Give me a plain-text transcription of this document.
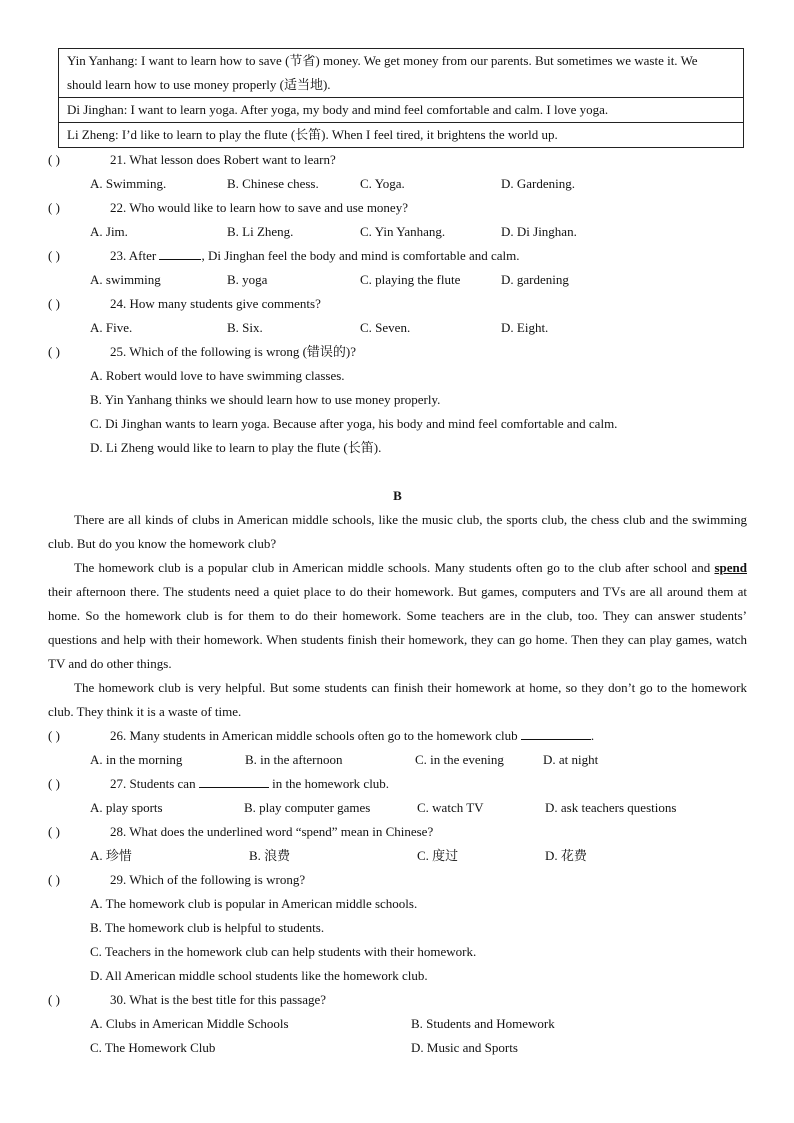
Yin Yanhang: I want to learn how to save (节省) money. We get money from our parents. But sometimes we waste it. We should learn how to use money properly (适当地).
Di Jinghan: I want to learn yoga. After yoga, my body and mind feel comfortable and calm. I love yoga.
Li Zheng: I’d like to learn to play the flute (长笛). When I feel tired, it brightens the world up.
( )	21. What lesson does Robert want to learn?
A. Swimming.	B. Chinese chess.	C. Yoga.	D. Gardening.
( )	22. Who would like to learn how to save and use money?
A. Jim.	B. Li Zheng.	C. Yin Yanhang.	D. Di Jinghan.
( )	23. After	, Di Jinghan feel the body and mind is comfortable and calm.
A. swimming	B. yoga	C. playing the flute	D. gardening
( )	24. How many students give comments?
A. Five.	B. Six.	C. Seven.	D. Eight.
( )	25. Which of the following is wrong (错误的)?
A. Robert would love to have swimming classes.
B. Yin Yanhang thinks we should learn how to use money properly.
C. Di Jinghan wants to learn yoga. Because after yoga, his body and mind feel comfortable and calm.
D. Li Zheng would like to learn to play the flute (长笛).
B

There are all kinds of clubs in American middle schools, like the music club, the sports club, the chess club and the swimming club. But do you know the homework club?

The homework club is a popular club in American middle schools. Many students often go to the club after school and spend their afternoon there. The students need a quiet place to do their homework. But games, computers and TVs are all around them at home. So the homework club is for them to do their homework. Some teachers are in the club, too. They can answer students’ questions and help with their homework. When students finish their homework, they can go home. Then they can play games, watch TV and do other things.

The homework club is very helpful. But some students can finish their homework at home, so they don’t go to the homework club. They think it is a waste of time.

( )	26. Many students in American middle schools often go to the homework club	.
A. in the morning	B. in the afternoon	C. in the evening	D. at night
( )	27. Students can	in the homework club.
A. play sports	B. play computer games	C. watch TV	D. ask teachers questions
( )	28. What does the underlined word “spend” mean in Chinese?
A. 珍惜	B. 浪费	C. 度过	D. 花费
( )	29. Which of the following is wrong?
A. The homework club is popular in American middle schools.
B. The homework club is helpful to students.
C. Teachers in the homework club can help students with their homework.
D. All American middle school students like the homework club.
( )	30. What is the best title for this passage?
A. Clubs in American Middle Schools	B. Students and Homework
C. The Homework Club	D. Music and Sports
